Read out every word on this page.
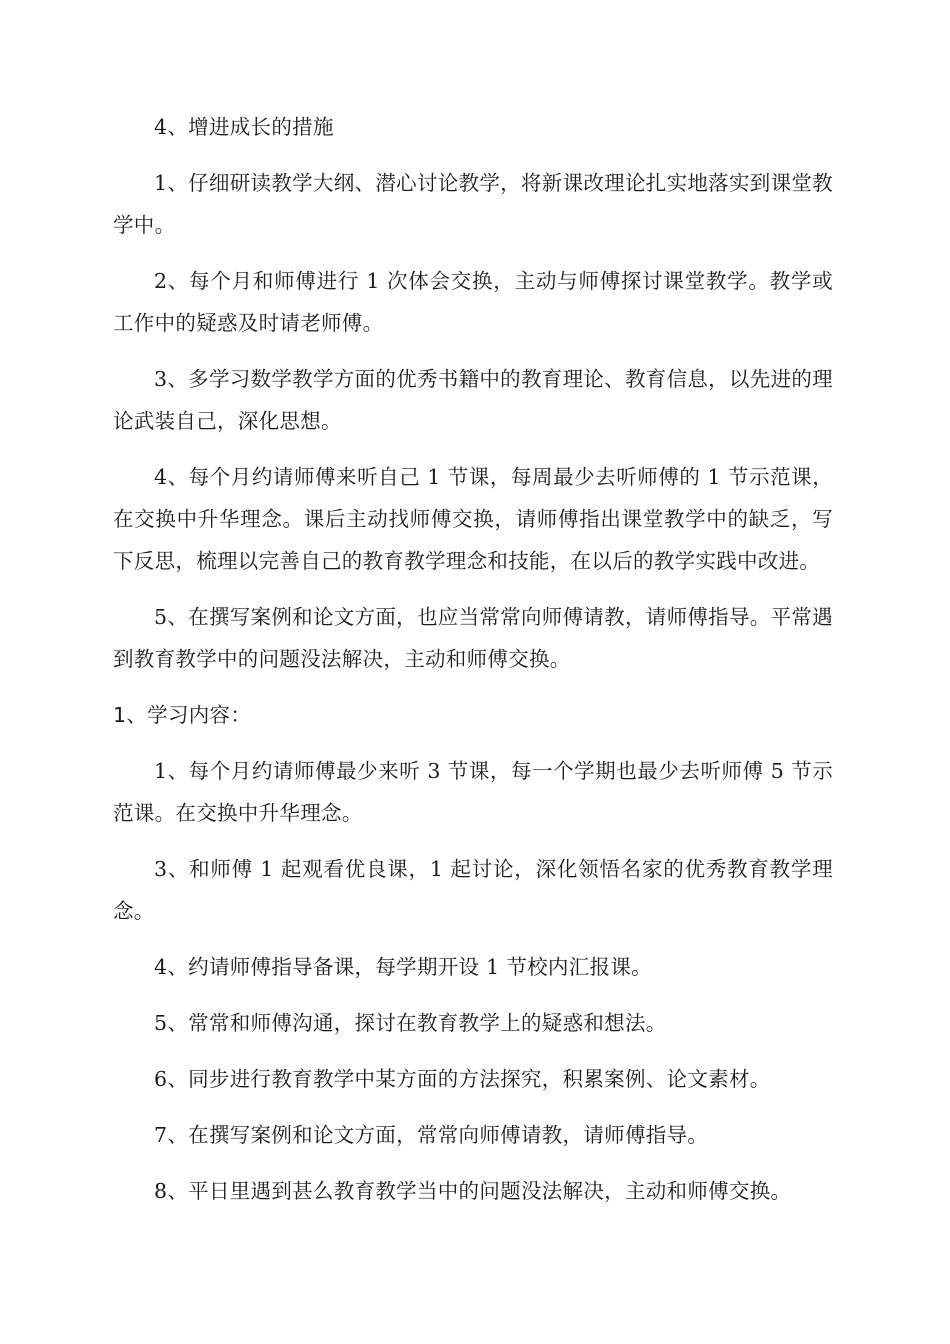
4、增进成长的措施

1、仔细研读教学大纲、潜心讨论教学，将新课改理论扎实地落实到课堂教学中。

2、每个月和师傅进行 1 次体会交换，主动与师傅探讨课堂教学。教学或工作中的疑惑及时请老师傅。

3、多学习数学教学方面的优秀书籍中的教育理论、教育信息，以先进的理论武装自己，深化思想。

4、每个月约请师傅来听自己 1 节课，每周最少去听师傅的 1 节示范课，在交换中升华理念。课后主动找师傅交换，请师傅指出课堂教学中的缺乏，写下反思，梳理以完善自己的教育教学理念和技能，在以后的教学实践中改进。

5、在撰写案例和论文方面，也应当常常向师傅请教，请师傅指导。平常遇到教育教学中的问题没法解决，主动和师傅交换。

1、学习内容：

1、每个月约请师傅最少来听 3 节课，每一个学期也最少去听师傅 5 节示范课。在交换中升华理念。

3、和师傅 1 起观看优良课，1 起讨论，深化领悟名家的优秀教育教学理念。

4、约请师傅指导备课，每学期开设 1 节校内汇报课。

5、常常和师傅沟通，探讨在教育教学上的疑惑和想法。

6、同步进行教育教学中某方面的方法探究，积累案例、论文素材。

7、在撰写案例和论文方面，常常向师傅请教，请师傅指导。

8、平日里遇到甚么教育教学当中的问题没法解决，主动和师傅交换。
